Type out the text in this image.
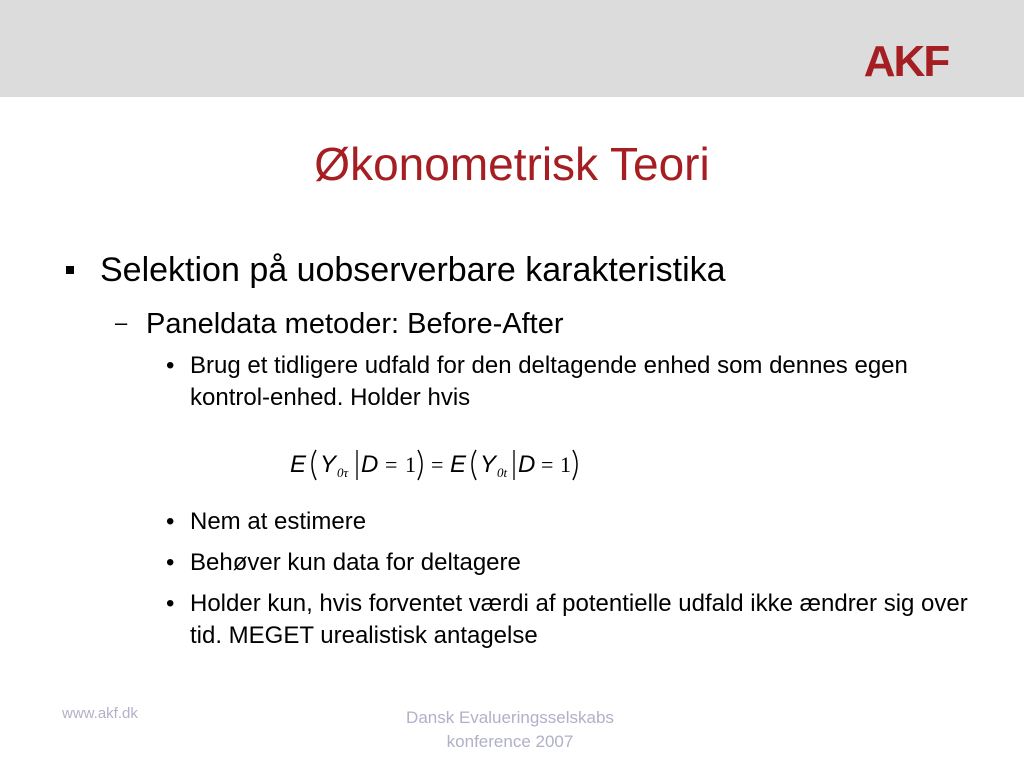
AKF
Økonometrisk Teori
Selektion på uobserverbare karakteristika
– Paneldata metoder: Before-After
• Brug et tidligere udfald for den deltagende enhed som dennes egen kontrol-enhed. Holder hvis
E Y 0τ D = 1 = E Y 0t D = 1
• Nem at estimere
• Behøver kun data for deltagere
• Holder kun, hvis forventet værdi af potentielle udfald ikke ændrer sig over tid. MEGET urealistisk antagelse
www.akf.dk	Dansk Evalueringsselskabs konference 2007
